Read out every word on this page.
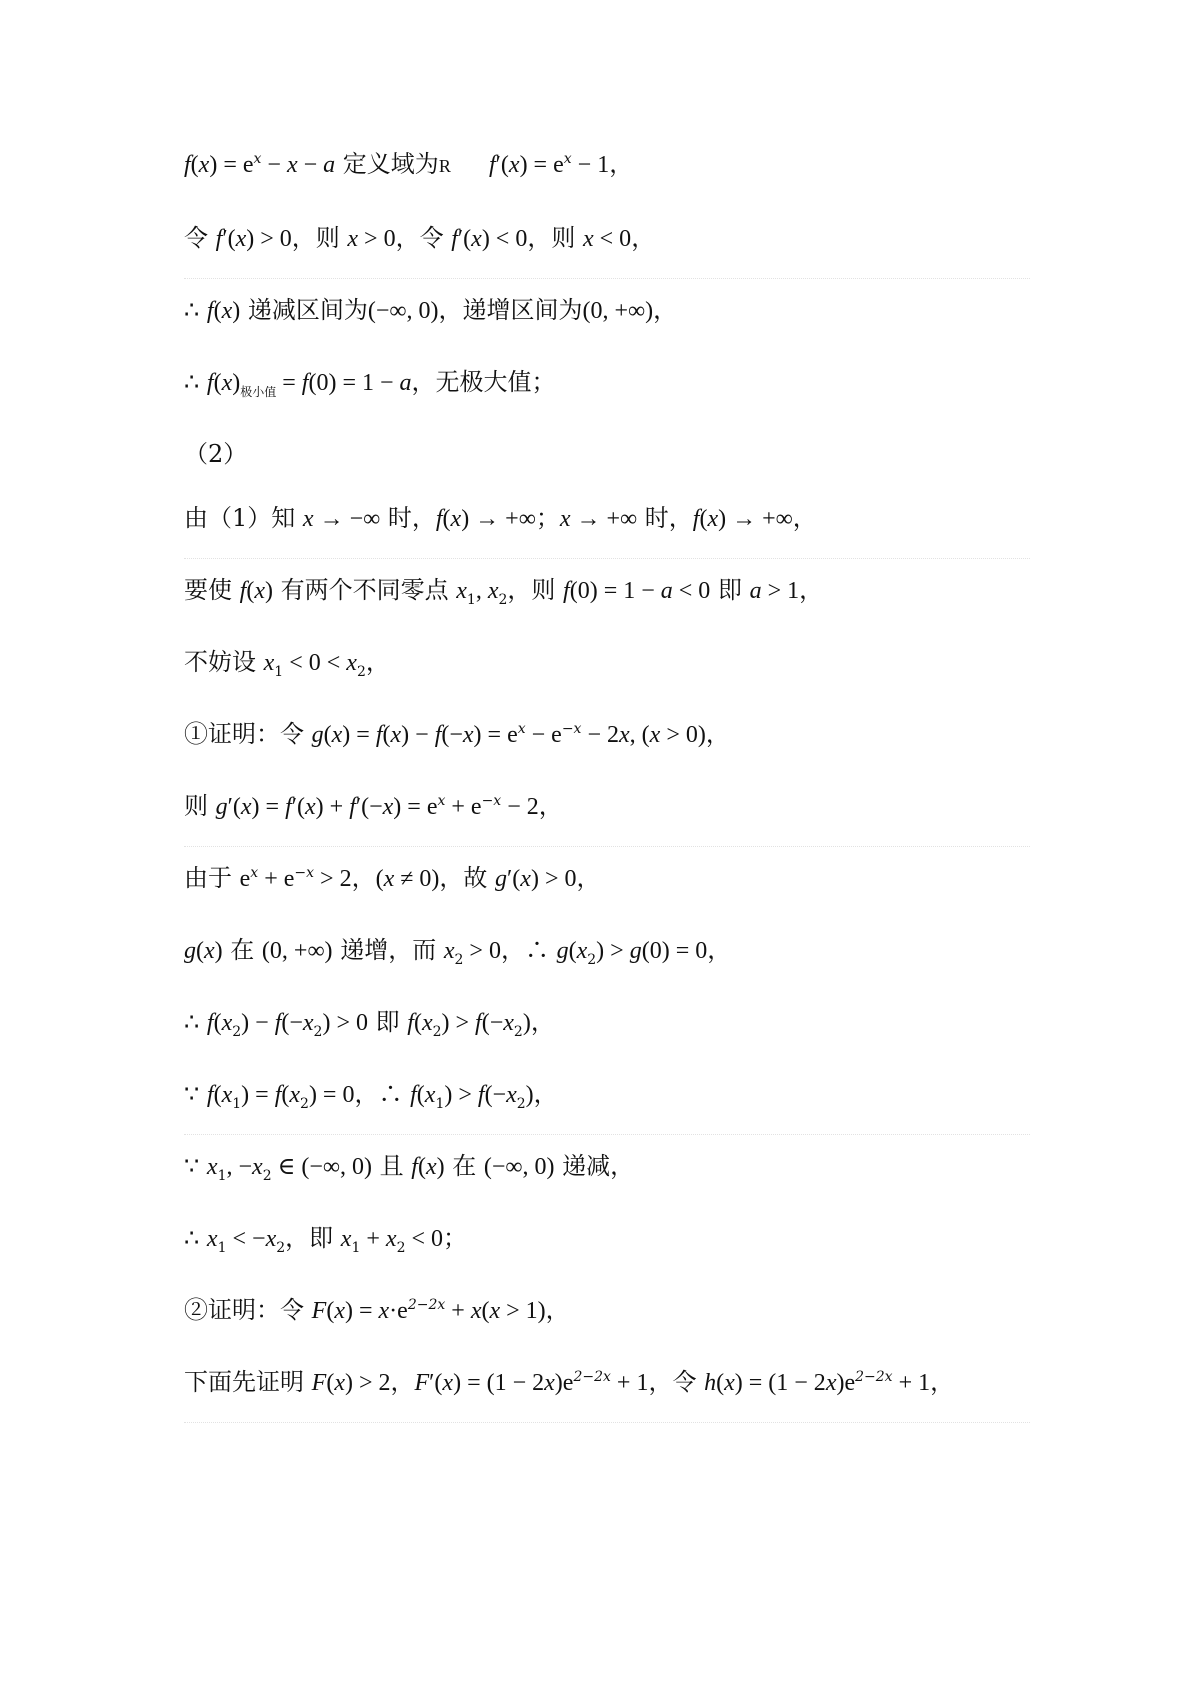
$f(x) = e^x - x - a$ 定义域为R $f'(x) = e^x - 1$，
令 f′(x) > 0，则 x > 0，令 f′(x) < 0，则 x < 0，
∴ f(x) 递减区间为(−∞, 0)，递增区间为(0, +∞)，
∴ $f(x)_{极小值} = f(0) = 1 - a$，无极大值；
（2）
由（1）知 x → −∞ 时，f(x) → +∞；x → +∞ 时，f(x) → +∞，
要使 f(x) 有两个不同零点 $x_1$, $x_2$，则 f(0) = 1 − a < 0 即 a > 1，
不妨设 $x_1 < 0 < x_2$，
①证明：令 $g(x) = f(x) - f(-x) = e^x - e^{-x} - 2x$, (x > 0)，
则 $g'(x) = f'(x) + f'(-x) = e^x + e^{-x} - 2$，
由于 $e^x + e^{-x} > 2$，(x ≠ 0)，故 g′(x) > 0，
g(x) 在 (0, +∞) 递增，而 $x_2 > 0$，∴ $g(x_2) > g(0) = 0$，
∴ $f(x_2) - f(-x_2) > 0$ 即 $f(x_2) > f(-x_2)$，
∵ $f(x_1) = f(x_2) = 0$，∴ $f(x_1) > f(-x_2)$，
∵ $x_1$, $-x_2$ ∈ (−∞, 0) 且 f(x) 在 (−∞, 0) 递减，
∴ $x_1 < -x_2$，即 $x_1 + x_2 < 0$；
②证明：令 $F(x) = x\cdot e^{2-2x} + x(x > 1)$，
下面先证明 F(x) > 2，$F'(x) = (1 - 2x)e^{2-2x} + 1$，令 $h(x) = (1 - 2x)e^{2-2x} + 1$，
